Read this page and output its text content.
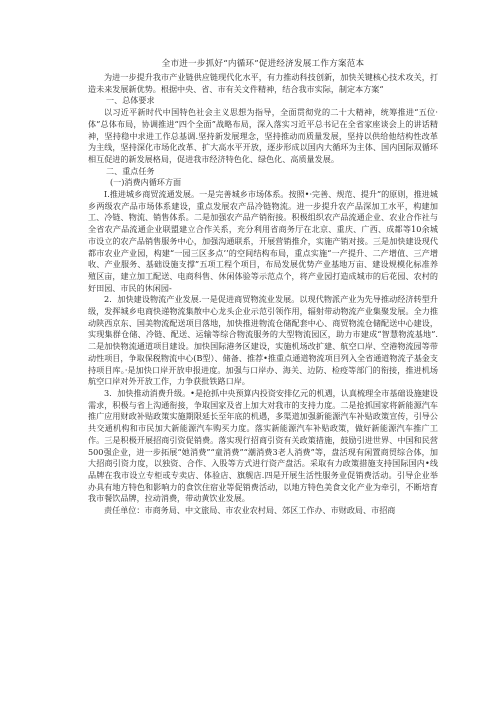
全市进一步抓好“内循环”促进经济发展工作方案范本

为进一步提升我市产业链供应链现代化水平，有力推动科技创新，加快关键核心技术攻关，打造未来发展新优势。根据中央、省、市有关文件精神，结合我市实际，制定本方案“

一、总体要求

以习近平新时代中国特色社会主义思想为指导，全面贯彻党的二十大精神，统筹推进“五位·体”总体布局，协调推进“四个全面”战略布局，深入落实习近平总书记在全省家座谈会上的讲话精神，坚持稳中求进工作总基调.坚持新发展理念，坚持推动而质量发展，坚持以供给他结构性改革为主线，坚持深化市场化改革、扩大高水平开放，逐步形成以国内大循环为主体、国内国际双循环相互促进的新发展格局，促进我市经济特色化、绿色化、高质量发展。

二、重点任务

(一)消费内循环方面

I.推进城乡商贸流通发展。一是完善城乡市场体系。按照•·完善、规范、提升”的原则，推进城乡两级农产品市场体系建设，重点发展农产品冷链物流。进一步提升农产品深加工水平，构建加工、冷链、物流、销售体系。二是加强农产品产销衔接。积极组织农产品流通企业、农业合作社与全省农产品流通企业联盟建立合作关系，充分利用省商务厅在北京、重庆、广西、成都等10余城市设立的农产品销售服务中心，加强沟通联系，开展营销推介，实施产销对接。三是加快建设现代都市农业产业园，构建“一园三区多点’’的空间结构布局，重点实施“一产提升、二产增值、三产增收、产业服务、基础设施支撑”五项工程个项目，布局发展优势产业基地万亩、建设规模化标准养殖区亩，建立加工配送、电商科售、休闲体验等示范点个，将产业园打造成城市的后花园、农村的好田园、市民的休闲园-

2．加快建设物流产业发展.一是促进商贸物流业发展。以现代物派产业为先导推动经济转型升级，发挥城乡电商快递物流集散中心龙头企业示范引领作用，辐射带动物流产业集聚发展。全力推动陕西京东、国美物流配送项目落地，加快推进物流仓储配套中心、商贸物流仓储配送中心建设，实现集群仓储、冷链、配送、运输等综合物流服务的大型物流园区，助力市建成“智慧物流基地”.二是加快物流通道项目建设。加快国际港务区建设，实施机场改扩建、航空口岸、空港物流园等带动性项目，争取保税物流中心(B型）、储备、推荐•推重点通道物流项目列入全省通道物流子基金支持项目库。·是加快口岸开放申报进度。加强与口岸办、海关、边防、检疫等部门的衔接，推进机场航空口岸对外开放工作，力争获批铁路口岸。

3．加快推动消费升级。•是抢抓中央预算内投资安排亿元的机遇，认真梳理全市基础设施建设需求，积极与省上沟通衔接，争取国家及省上加大对我市的支持力度。二是抢抓国家将新能源汽车推广应用财政补贴政策实施期限延长至年底的机遇，多渠道加强新能源汽车补贴政策宣传，引导公共交通机构和市民加大新能源汽车购买力度。落实新能源汽车补贴政策，做好新能源汽车推广工作。三是积极开展招商引资促销费。落实现行招商引资有关政策措施，鼓励引进世界、中国和民营500强企业，进一步拓展“她消费”“童消费”“潮消费3老人消费”等，盘活现有闲置商贸综合体，加大招商引资力度，以独资、合作、入股等方式进行资产盘活。采取有力政策措施支持国际国内•线品牌在我市设立专柜或专卖店、体验店、旗舰店.四是开展生活性服务业促销费活动。引导企业举办具有地方特色和影响力的食饮住宿业等促销费活动，以地方特色美食文化产业为牵引，不断培育我市餐饮品牌，拉动消费，带动黄饮业发展。

责任单位：市商务局、中文旅局、市农业农村局、郊区工作办、市财政局、市招商
